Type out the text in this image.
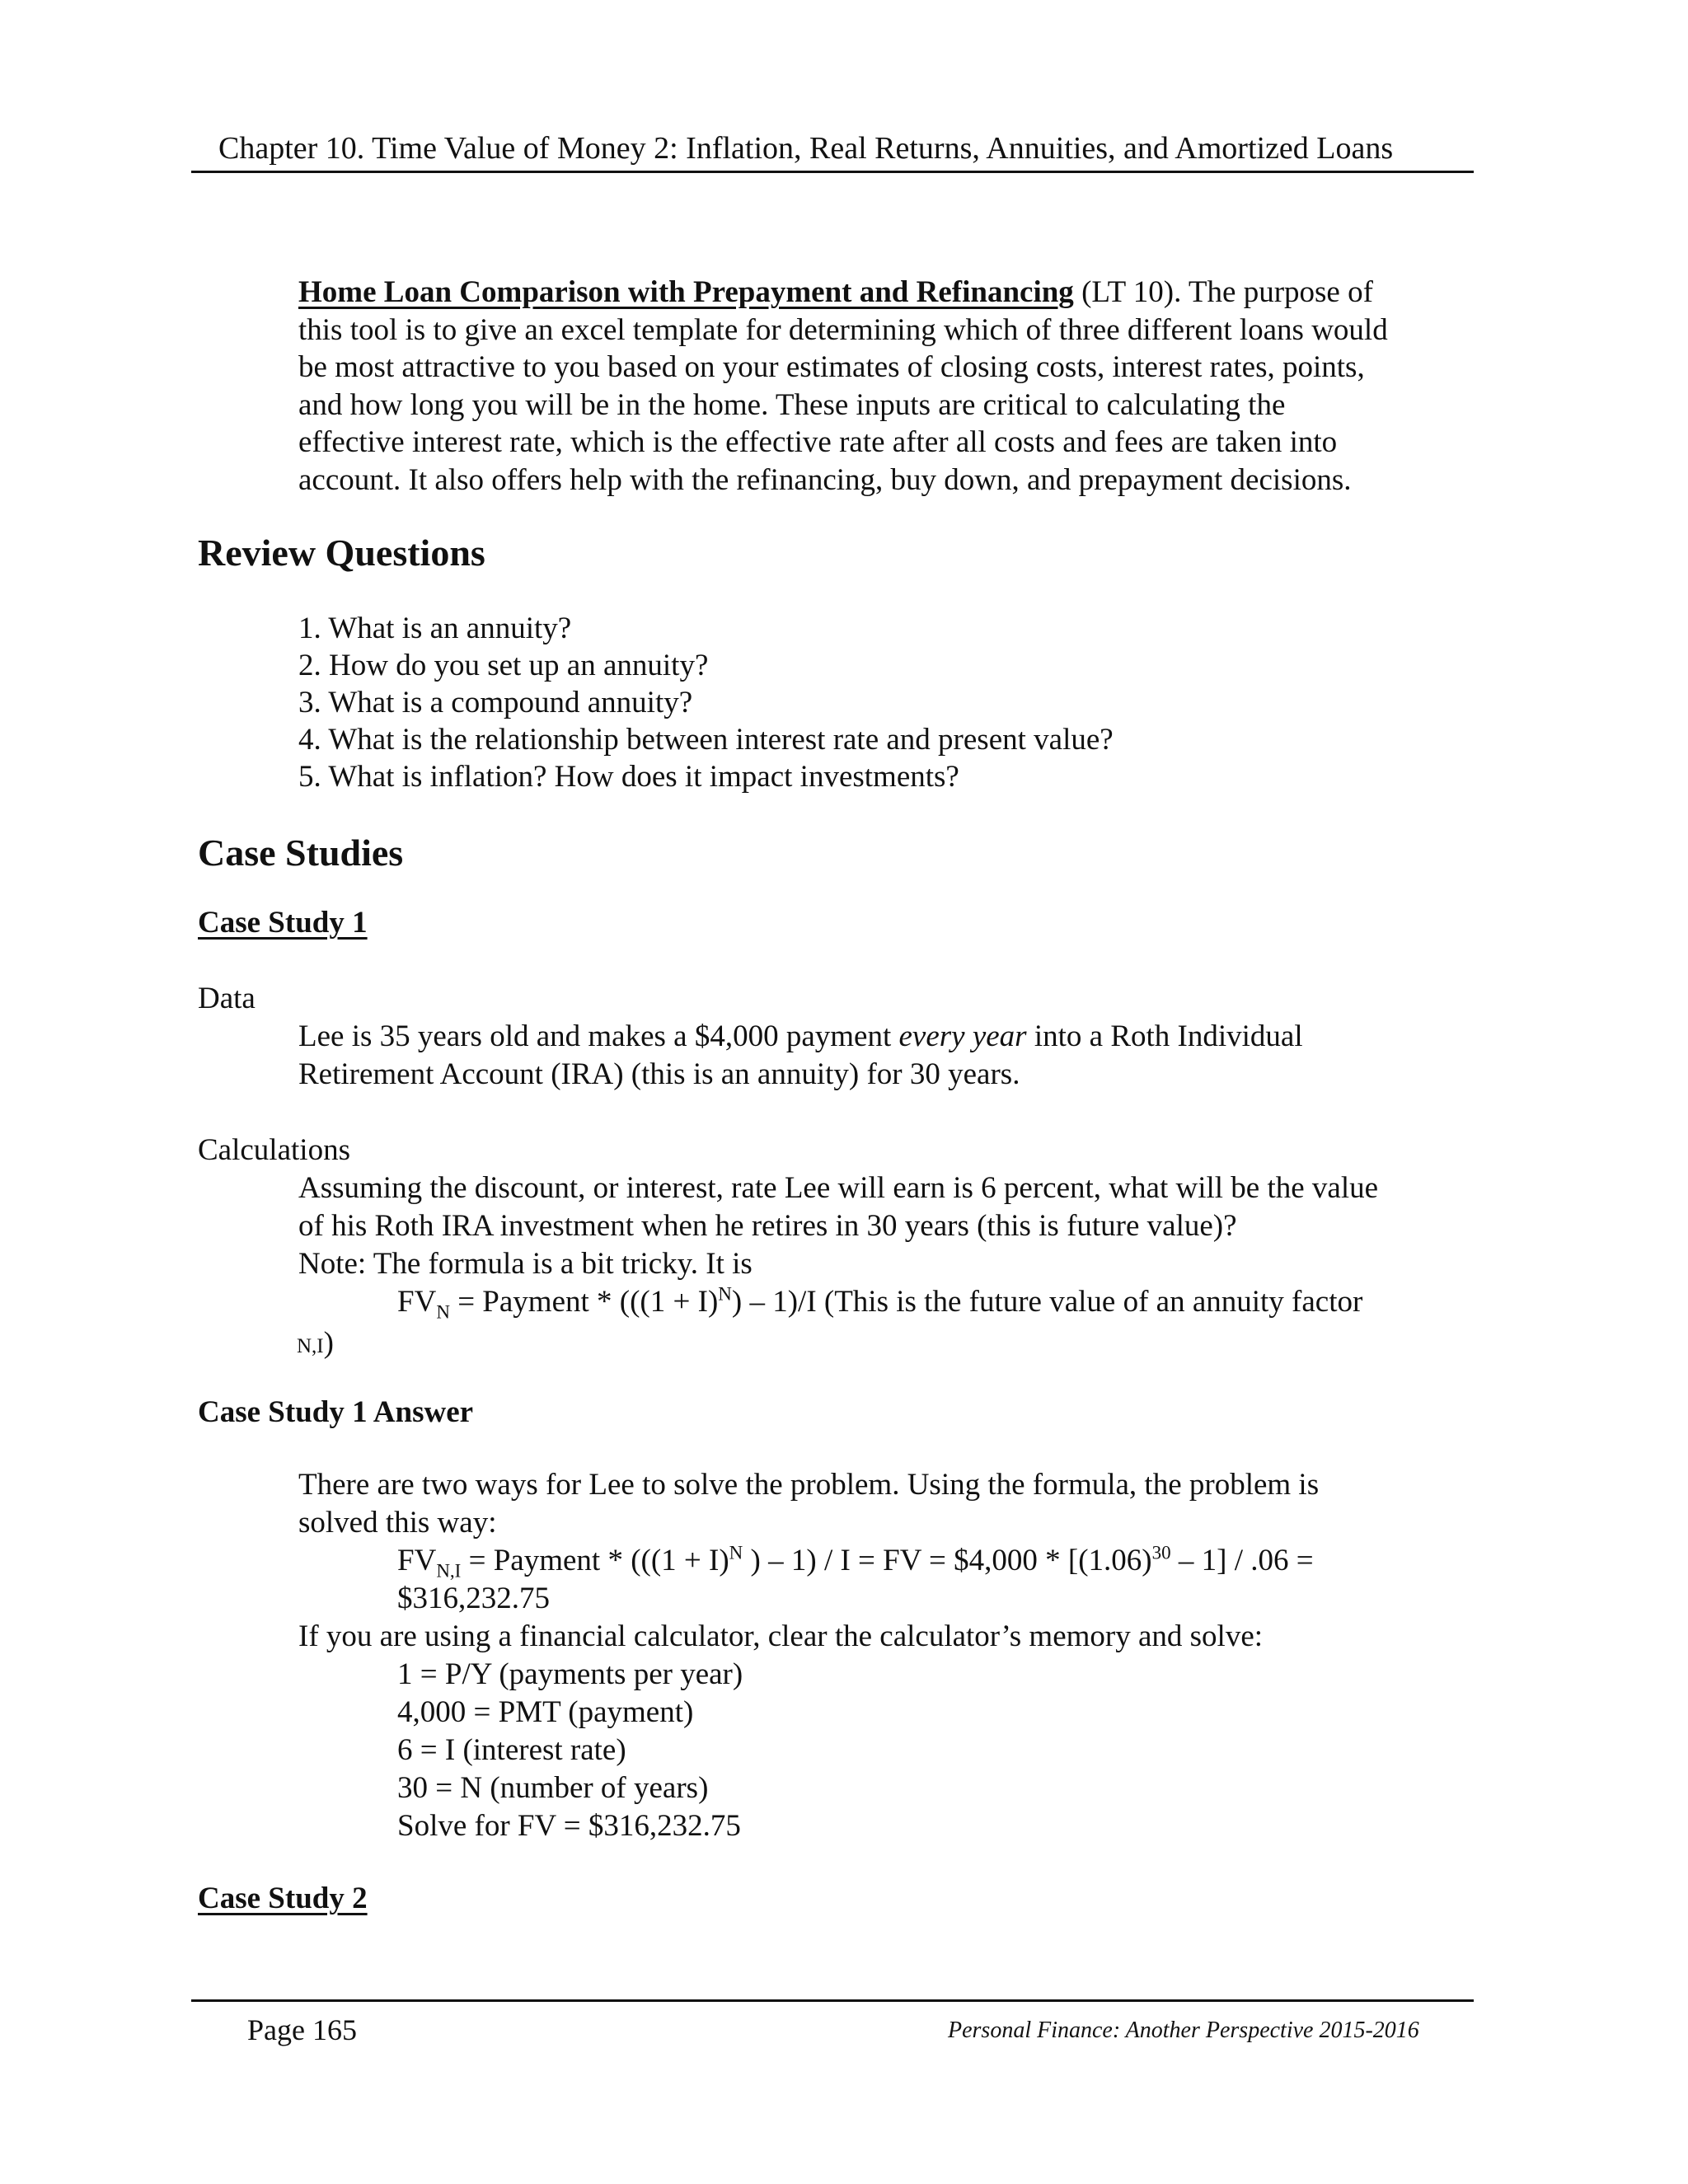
Chapter 10. Time Value of Money 2: Inflation, Real Returns, Annuities, and Amortized Loans
Home Loan Comparison with Prepayment and Refinancing (LT 10). The purpose of
this tool is to give an excel template for determining which of three different loans would
be most attractive to you based on your estimates of closing costs, interest rates, points,
and how long you will be in the home. These inputs are critical to calculating the
effective interest rate, which is the effective rate after all costs and fees are taken into
account. It also offers help with the refinancing, buy down, and prepayment decisions.
Review Questions
1. What is an annuity?
2. How do you set up an annuity?
3. What is a compound annuity?
4. What is the relationship between interest rate and present value?
5. What is inflation? How does it impact investments?
Case Studies
Case Study 1
Data
Lee is 35 years old and makes a $4,000 payment every year into a Roth Individual
Retirement Account (IRA) (this is an annuity) for 30 years.
Calculations
Assuming the discount, or interest, rate Lee will earn is 6 percent, what will be the value
of his Roth IRA investment when he retires in 30 years (this is future value)?
Note: The formula is a bit tricky. It is
$FV_N$ = Payment * $(((1 + I)^N) - 1)/I$ (This is the future value of an annuity factor
N,I)
Case Study 1 Answer
There are two ways for Lee to solve the problem. Using the formula, the problem is
solved this way:
$FV_{N,I}$ = Payment * (($(1 + I)^N$ ) – 1) / I = FV = $4,000 * $[(1.06)^{30} - 1] / .06$ =
$316,232.75
If you are using a financial calculator, clear the calculator’s memory and solve:
1 = P/Y (payments per year)
4,000 = PMT (payment)
6 = I (interest rate)
30 = N (number of years)
Solve for FV = $316,232.75
Case Study 2
Page 165	Personal Finance: Another Perspective 2015-2016
